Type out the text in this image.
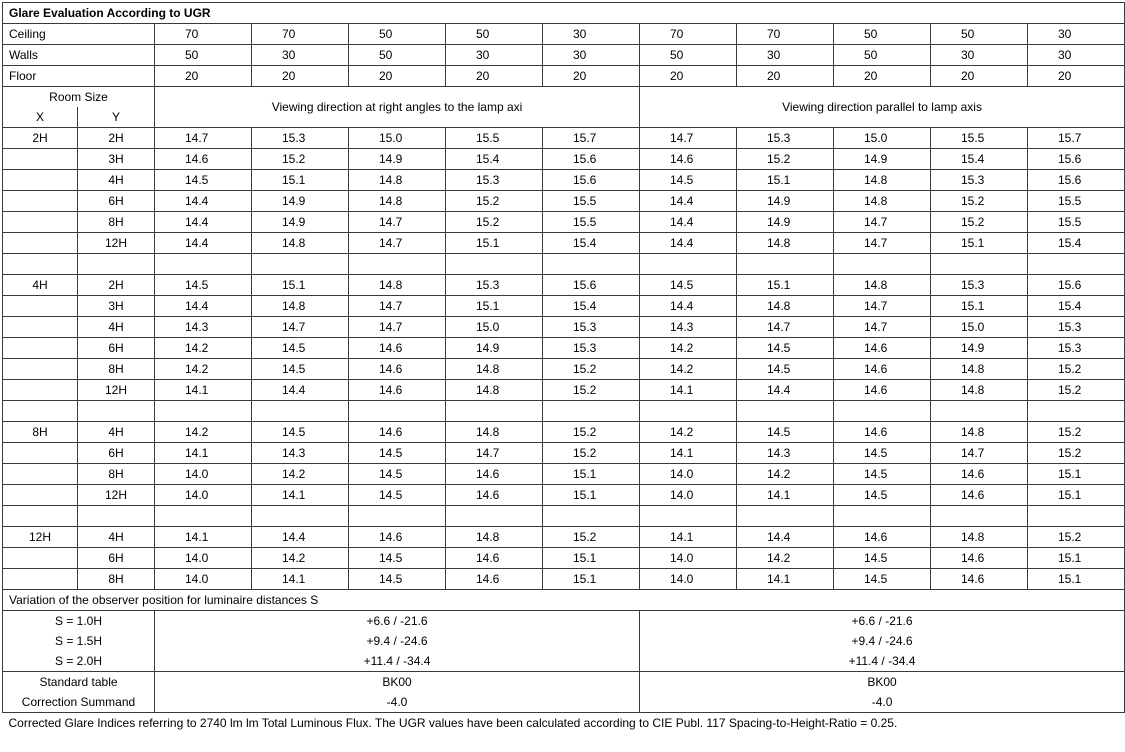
Glare Evaluation According to UGR											
Ceiling		70	70	50	50	30	70	70	50	50	30
Walls		50	30	50	30	30	50	30	50	30	30
Floor		20	20	20	20	20	20	20	20	20	20
Room Size		Viewing direction at right angles to the lamp axi					Viewing direction parallel to lamp axis				
X	Y										
2H	2H	14.7	15.3	15.0	15.5	15.7	14.7	15.3	15.0	15.5	15.7
	3H	14.6	15.2	14.9	15.4	15.6	14.6	15.2	14.9	15.4	15.6
	4H	14.5	15.1	14.8	15.3	15.6	14.5	15.1	14.8	15.3	15.6
	6H	14.4	14.9	14.8	15.2	15.5	14.4	14.9	14.8	15.2	15.5
	8H	14.4	14.9	14.7	15.2	15.5	14.4	14.9	14.7	15.2	15.5
	12H	14.4	14.8	14.7	15.1	15.4	14.4	14.8	14.7	15.1	15.4

4H	2H	14.5	15.1	14.8	15.3	15.6	14.5	15.1	14.8	15.3	15.6
	3H	14.4	14.8	14.7	15.1	15.4	14.4	14.8	14.7	15.1	15.4
	4H	14.3	14.7	14.7	15.0	15.3	14.3	14.7	14.7	15.0	15.3
	6H	14.2	14.5	14.6	14.9	15.3	14.2	14.5	14.6	14.9	15.3
	8H	14.2	14.5	14.6	14.8	15.2	14.2	14.5	14.6	14.8	15.2
	12H	14.1	14.4	14.6	14.8	15.2	14.1	14.4	14.6	14.8	15.2

8H	4H	14.2	14.5	14.6	14.8	15.2	14.2	14.5	14.6	14.8	15.2
	6H	14.1	14.3	14.5	14.7	15.2	14.1	14.3	14.5	14.7	15.2
	8H	14.0	14.2	14.5	14.6	15.1	14.0	14.2	14.5	14.6	15.1
	12H	14.0	14.1	14.5	14.6	15.1	14.0	14.1	14.5	14.6	15.1

12H	4H	14.1	14.4	14.6	14.8	15.2	14.1	14.4	14.6	14.8	15.2
	6H	14.0	14.2	14.5	14.6	15.1	14.0	14.2	14.5	14.6	15.1
	8H	14.0	14.1	14.5	14.6	15.1	14.0	14.1	14.5	14.6	15.1
Variation of the observer position for luminaire distances S											
S = 1.0H		+6.6 / -21.6					+6.6 / -21.6				
S = 1.5H		+9.4 / -24.6					+9.4 / -24.6				
S = 2.0H		+11.4 / -34.4					+11.4 / -34.4				
Standard table		BK00					BK00				
Correction Summand		-4.0					-4.0				
Corrected Glare Indices referring to 2740 lm lm Total Luminous Flux. The UGR values have been calculated according to CIE Publ. 117 Spacing-to-Height-Ratio = 0.25.											
